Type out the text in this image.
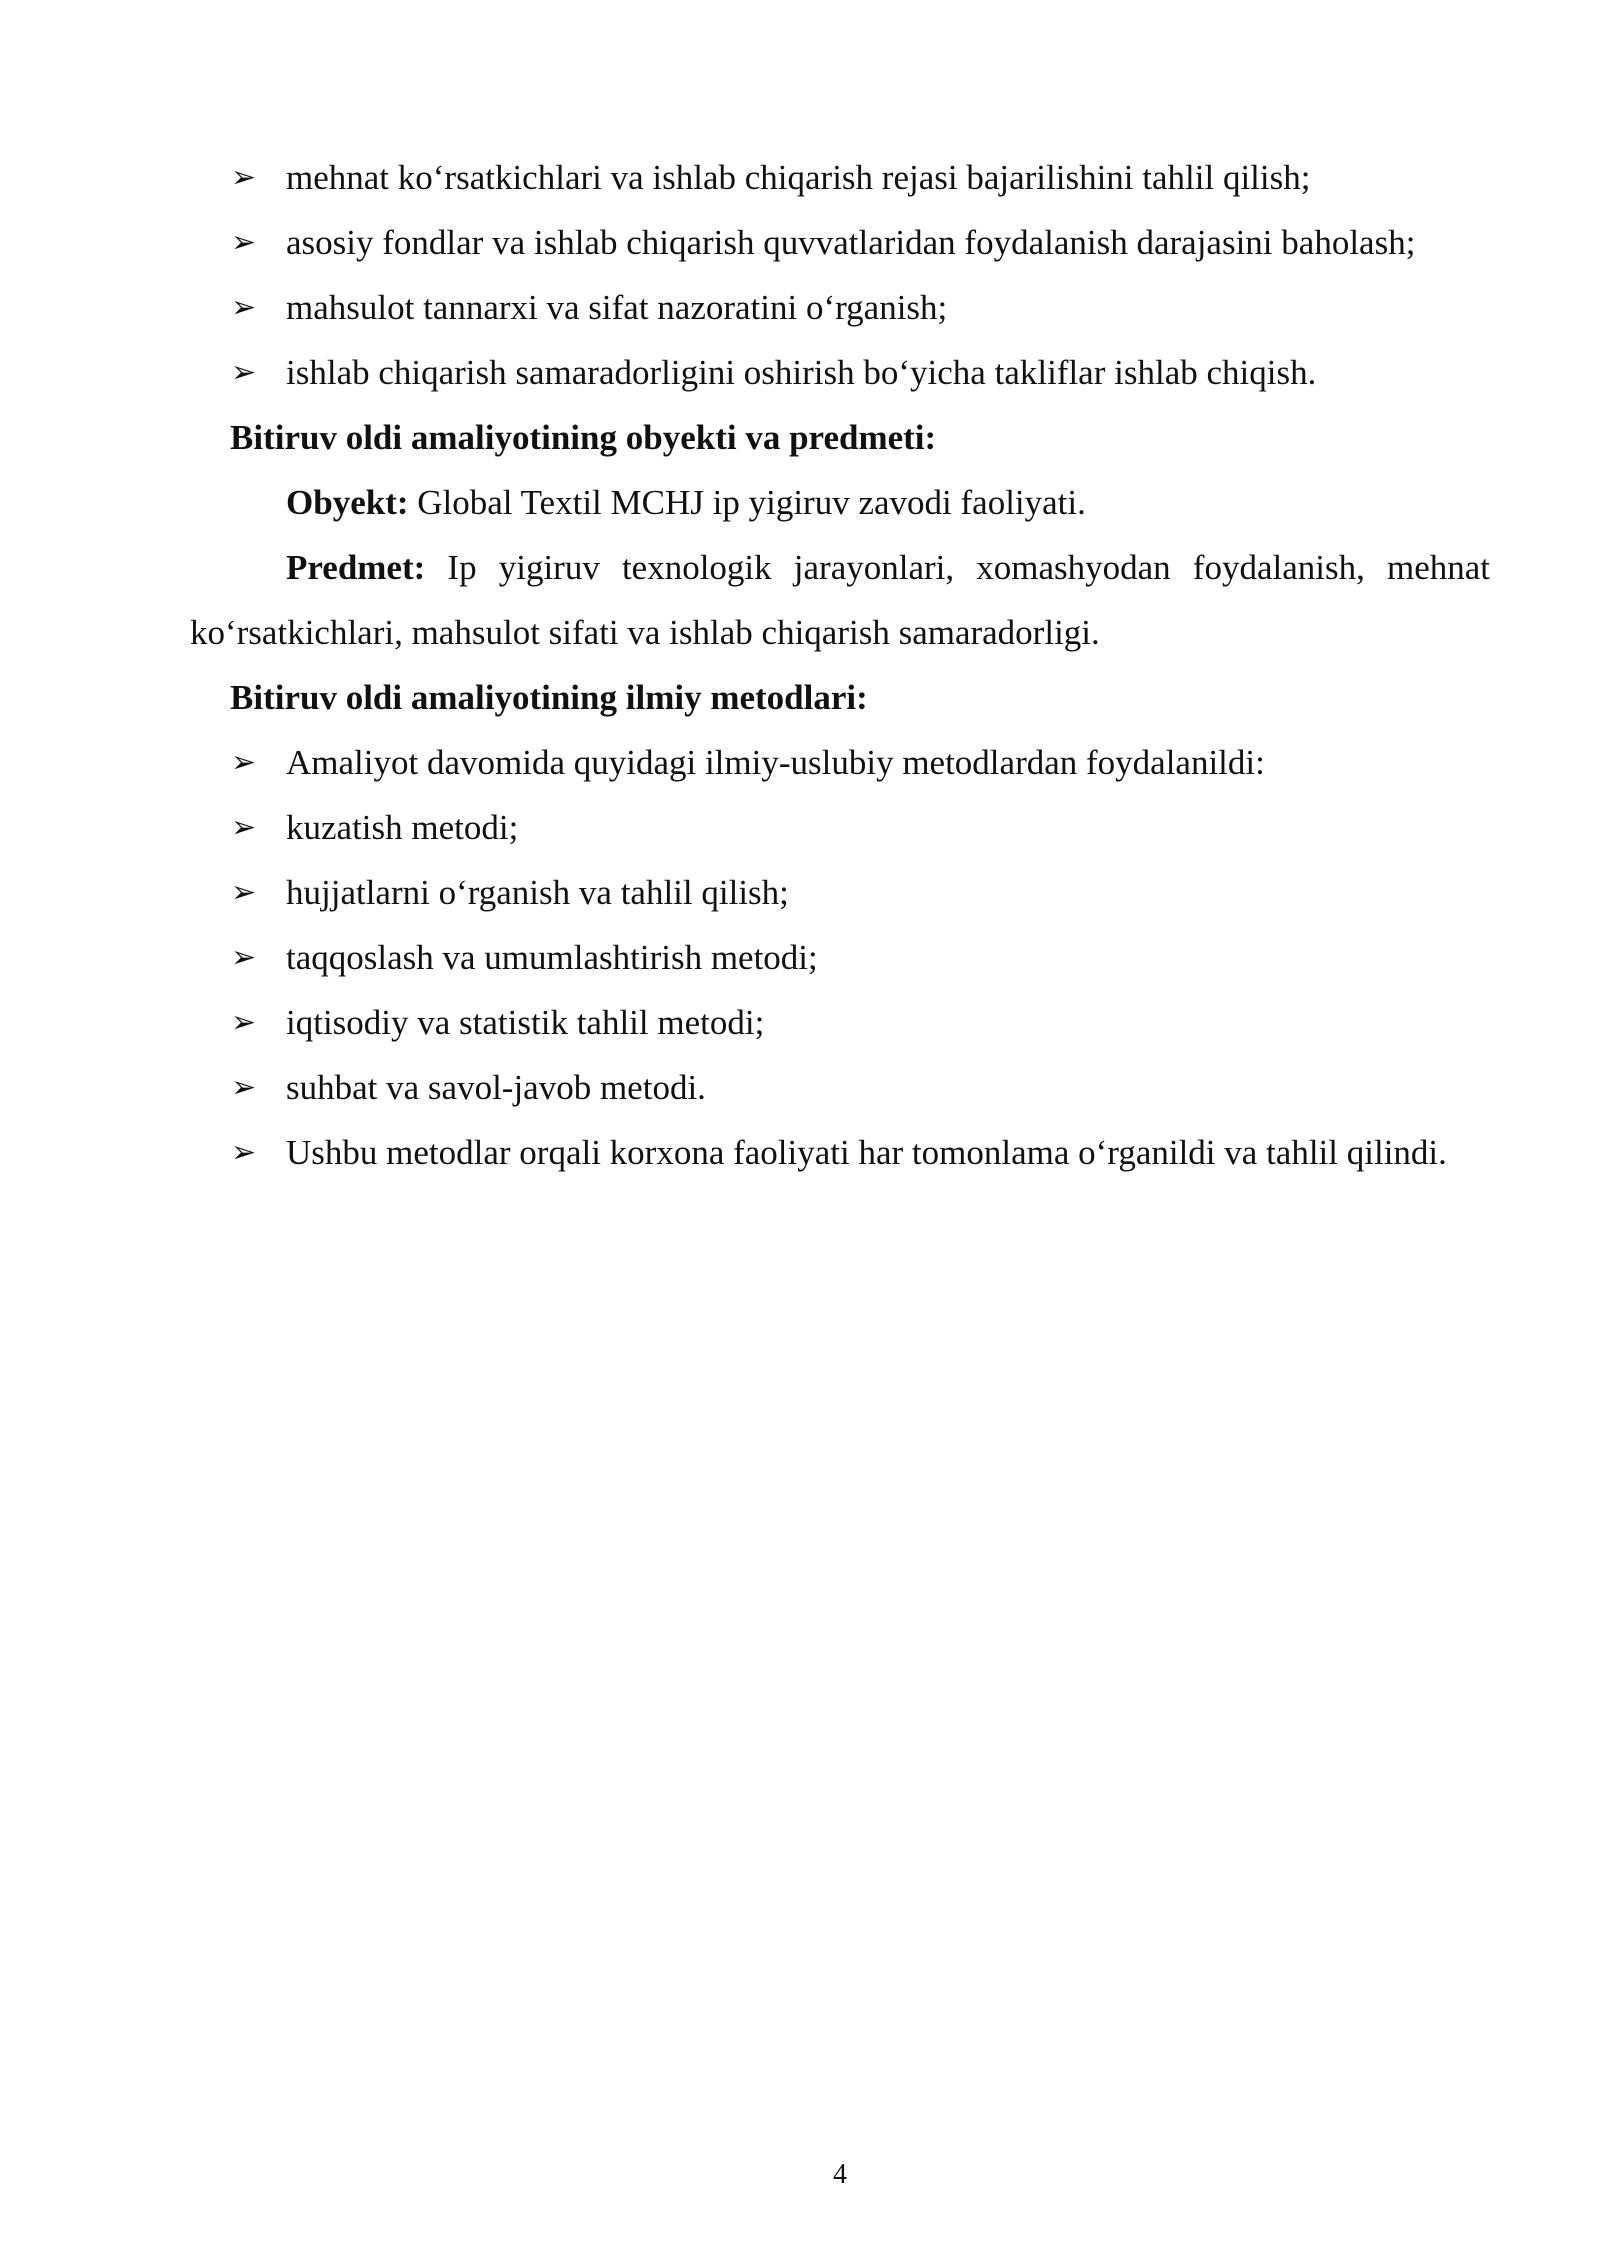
➢ mehnat ko‘rsatkichlari va ishlab chiqarish rejasi bajarilishini tahlil qilish;

➢ asosiy fondlar va ishlab chiqarish quvvatlaridan foydalanish darajasini baholash;

➢ mahsulot tannarxi va sifat nazoratini o‘rganish;

➢ ishlab chiqarish samaradorligini oshirish bo‘yicha takliflar ishlab chiqish.

Bitiruv oldi amaliyotining obyekti va predmeti:

Obyekt: Global Textil MCHJ ip yigiruv zavodi faoliyati.

Predmet: Ip yigiruv texnologik jarayonlari, xomashyodan foydalanish, mehnat ko‘rsatkichlari, mahsulot sifati va ishlab chiqarish samaradorligi.

Bitiruv oldi amaliyotining ilmiy metodlari:

➢ Amaliyot davomida quyidagi ilmiy-uslubiy metodlardan foydalanildi:

➢ kuzatish metodi;

➢ hujjatlarni o‘rganish va tahlil qilish;

➢ taqqoslash va umumlashtirish metodi;

➢ iqtisodiy va statistik tahlil metodi;

➢ suhbat va savol-javob metodi.

➢ Ushbu metodlar orqali korxona faoliyati har tomonlama o‘rganildi va tahlil qilindi.

4
